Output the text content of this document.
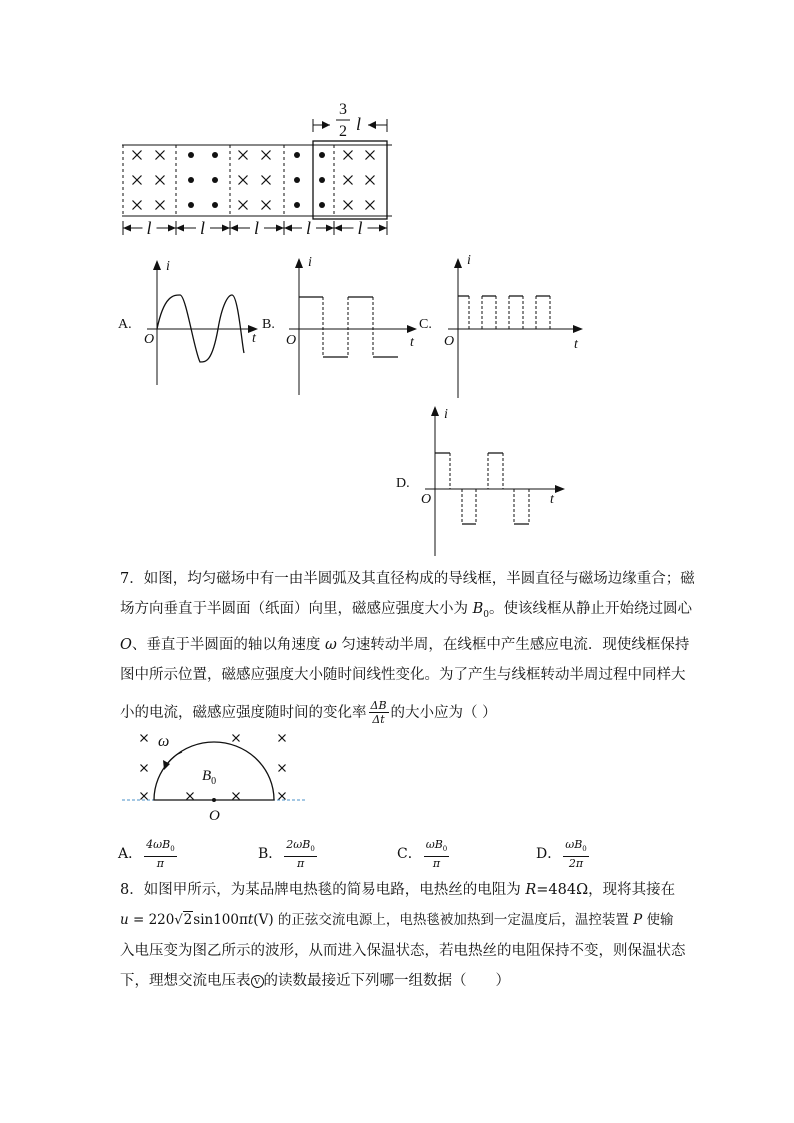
3
2 l
l	l	l	l	l
A.
i
t
O
B.
i
t
O
C.
i
t
O
D.
i
t
O
7．如图，均匀磁场中有一由半圆弧及其直径构成的导线框，半圆直径与磁场边缘重合；磁
场方向垂直于半圆面（纸面）向里，磁感应强度大小为 $B_0$。使该线框从静止开始绕过圆心
O、垂直于半圆面的轴以角速度 ω 匀速转动半周，在线框中产生感应电流．现使线框保持
图中所示位置，磁感应强度大小随时间线性变化。为了产生与线框转动半周过程中同样大
小的电流，磁感应强度随时间的变化率 $\frac{\Delta B}{\Delta t}$ 的大小应为（ ）
ω
$B_0$
O
A． $\frac{4\omega B_0}{\pi}$	B． $\frac{2\omega B_0}{\pi}$	C． $\frac{\omega B_0}{\pi}$	D． $\frac{\omega B_0}{2\pi}$
8．如图甲所示，为某品牌电热毯的简易电路，电热丝的电阻为 R=484Ω，现将其接在
u = 220√2sin100πt(V) 的正弦交流电源上，电热毯被加热到一定温度后，温控装置 P 使输
入电压变为图乙所示的波形，从而进入保温状态，若电热丝的电阻保持不变，则保温状态
下，理想交流电压表 V 的读数最接近下列哪一组数据（　　）
